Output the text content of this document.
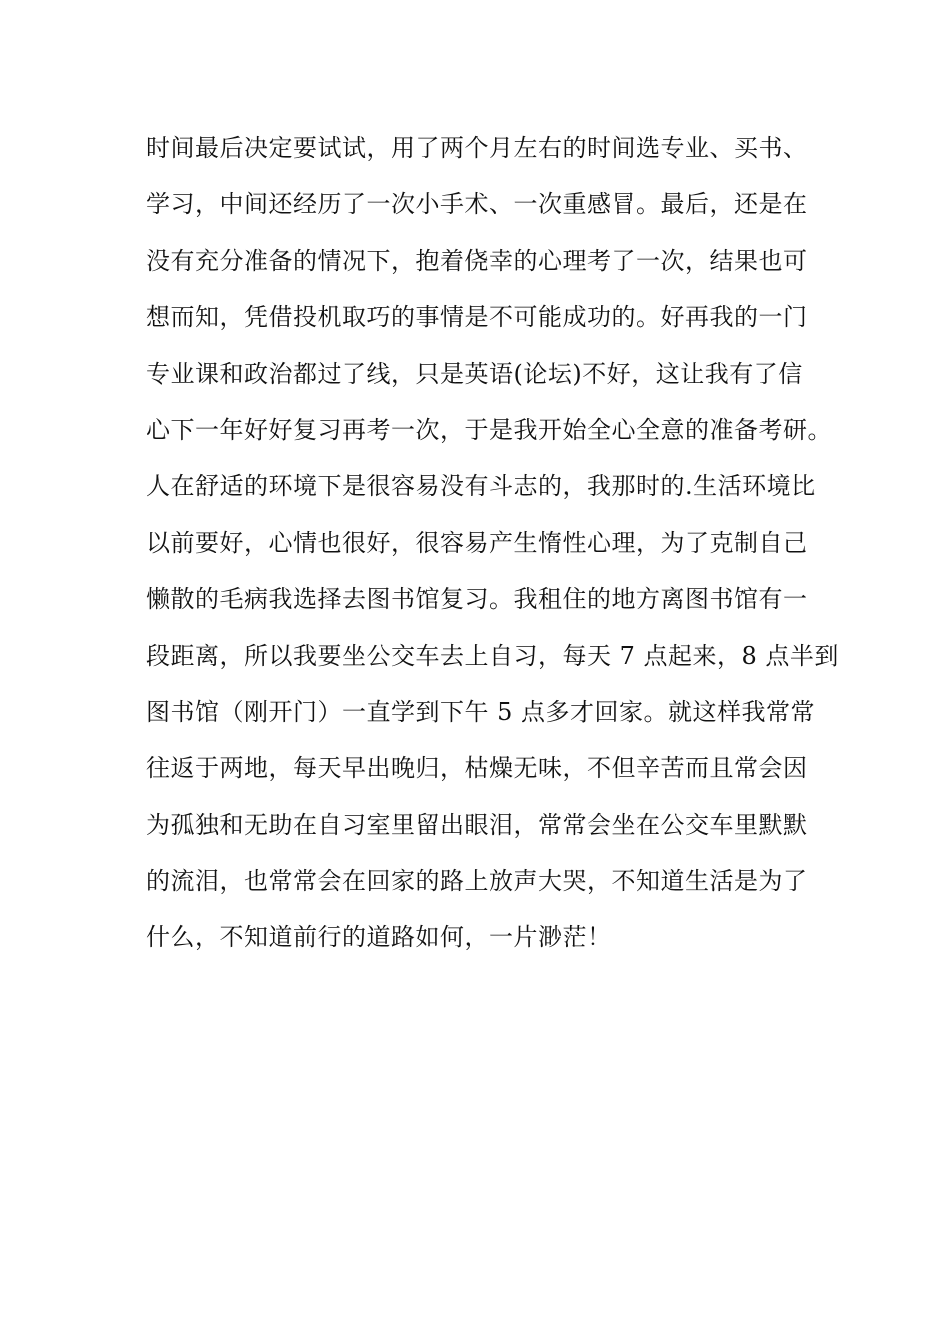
时间最后决定要试试，用了两个月左右的时间选专业、买书、
学习，中间还经历了一次小手术、一次重感冒。最后，还是在
没有充分准备的情况下，抱着侥幸的心理考了一次，结果也可
想而知，凭借投机取巧的事情是不可能成功的。好再我的一门
专业课和政治都过了线，只是英语(论坛)不好，这让我有了信
心下一年好好复习再考一次，于是我开始全心全意的准备考研。
人在舒适的环境下是很容易没有斗志的，我那时的.生活环境比
以前要好，心情也很好，很容易产生惰性心理，为了克制自己
懒散的毛病我选择去图书馆复习。我租住的地方离图书馆有一
段距离，所以我要坐公交车去上自习，每天 7 点起来，8 点半到
图书馆（刚开门）一直学到下午 5 点多才回家。就这样我常常
往返于两地，每天早出晚归，枯燥无味，不但辛苦而且常会因
为孤独和无助在自习室里留出眼泪，常常会坐在公交车里默默
的流泪，也常常会在回家的路上放声大哭，不知道生活是为了
什么，不知道前行的道路如何，一片渺茫！
